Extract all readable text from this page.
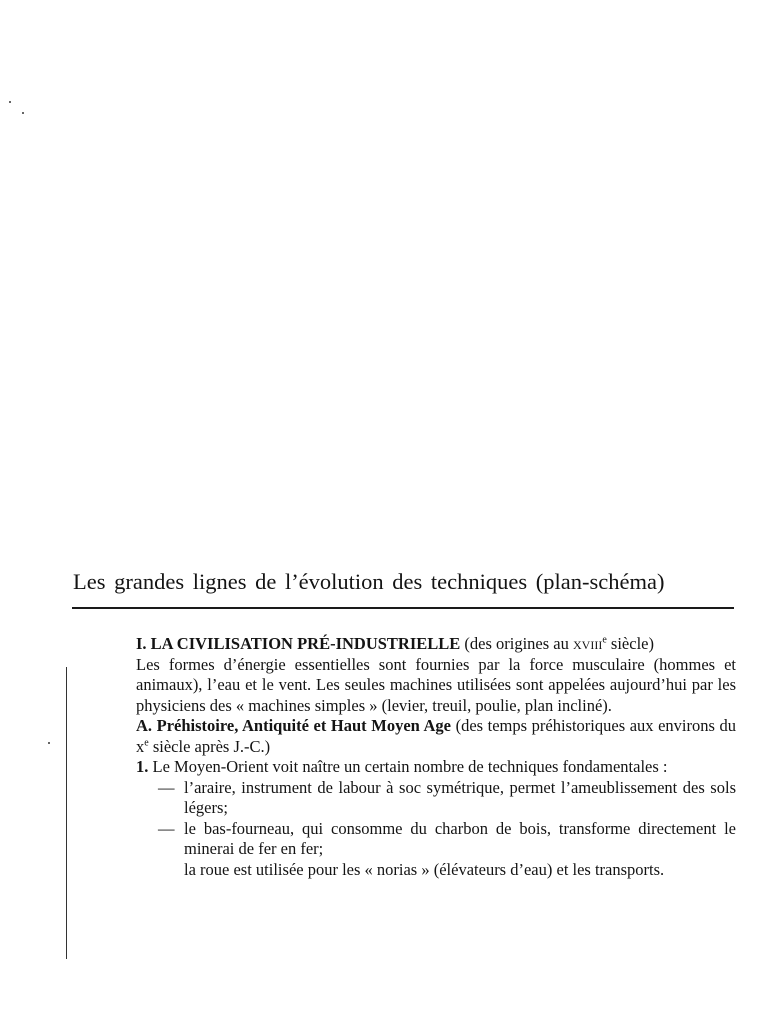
Les grandes lignes de l’évolution des techniques (plan-schéma)

I. LA CIVILISATION PRÉ-INDUSTRIELLE (des origines au xviii$^e$ siècle)

Les formes d’énergie essentielles sont fournies par la force musculaire (hommes et animaux), l’eau et le vent. Les seules machines utilisées sont appelées aujourd’hui par les physiciens des « machines simples » (levier, treuil, poulie, plan incliné).

A. Préhistoire, Antiquité et Haut Moyen Age (des temps préhistoriques aux environs du $x^e$ siècle après J.-C.)

1. Le Moyen-Orient voit naître un certain nombre de techniques fondamentales :

— l’araire, instrument de labour à soc symétrique, permet l’ameublissement des sols légers;

— le bas-fourneau, qui consomme du charbon de bois, transforme directement le minerai de fer en fer;

la roue est utilisée pour les « norias » (élévateurs d’eau) et les transports.
